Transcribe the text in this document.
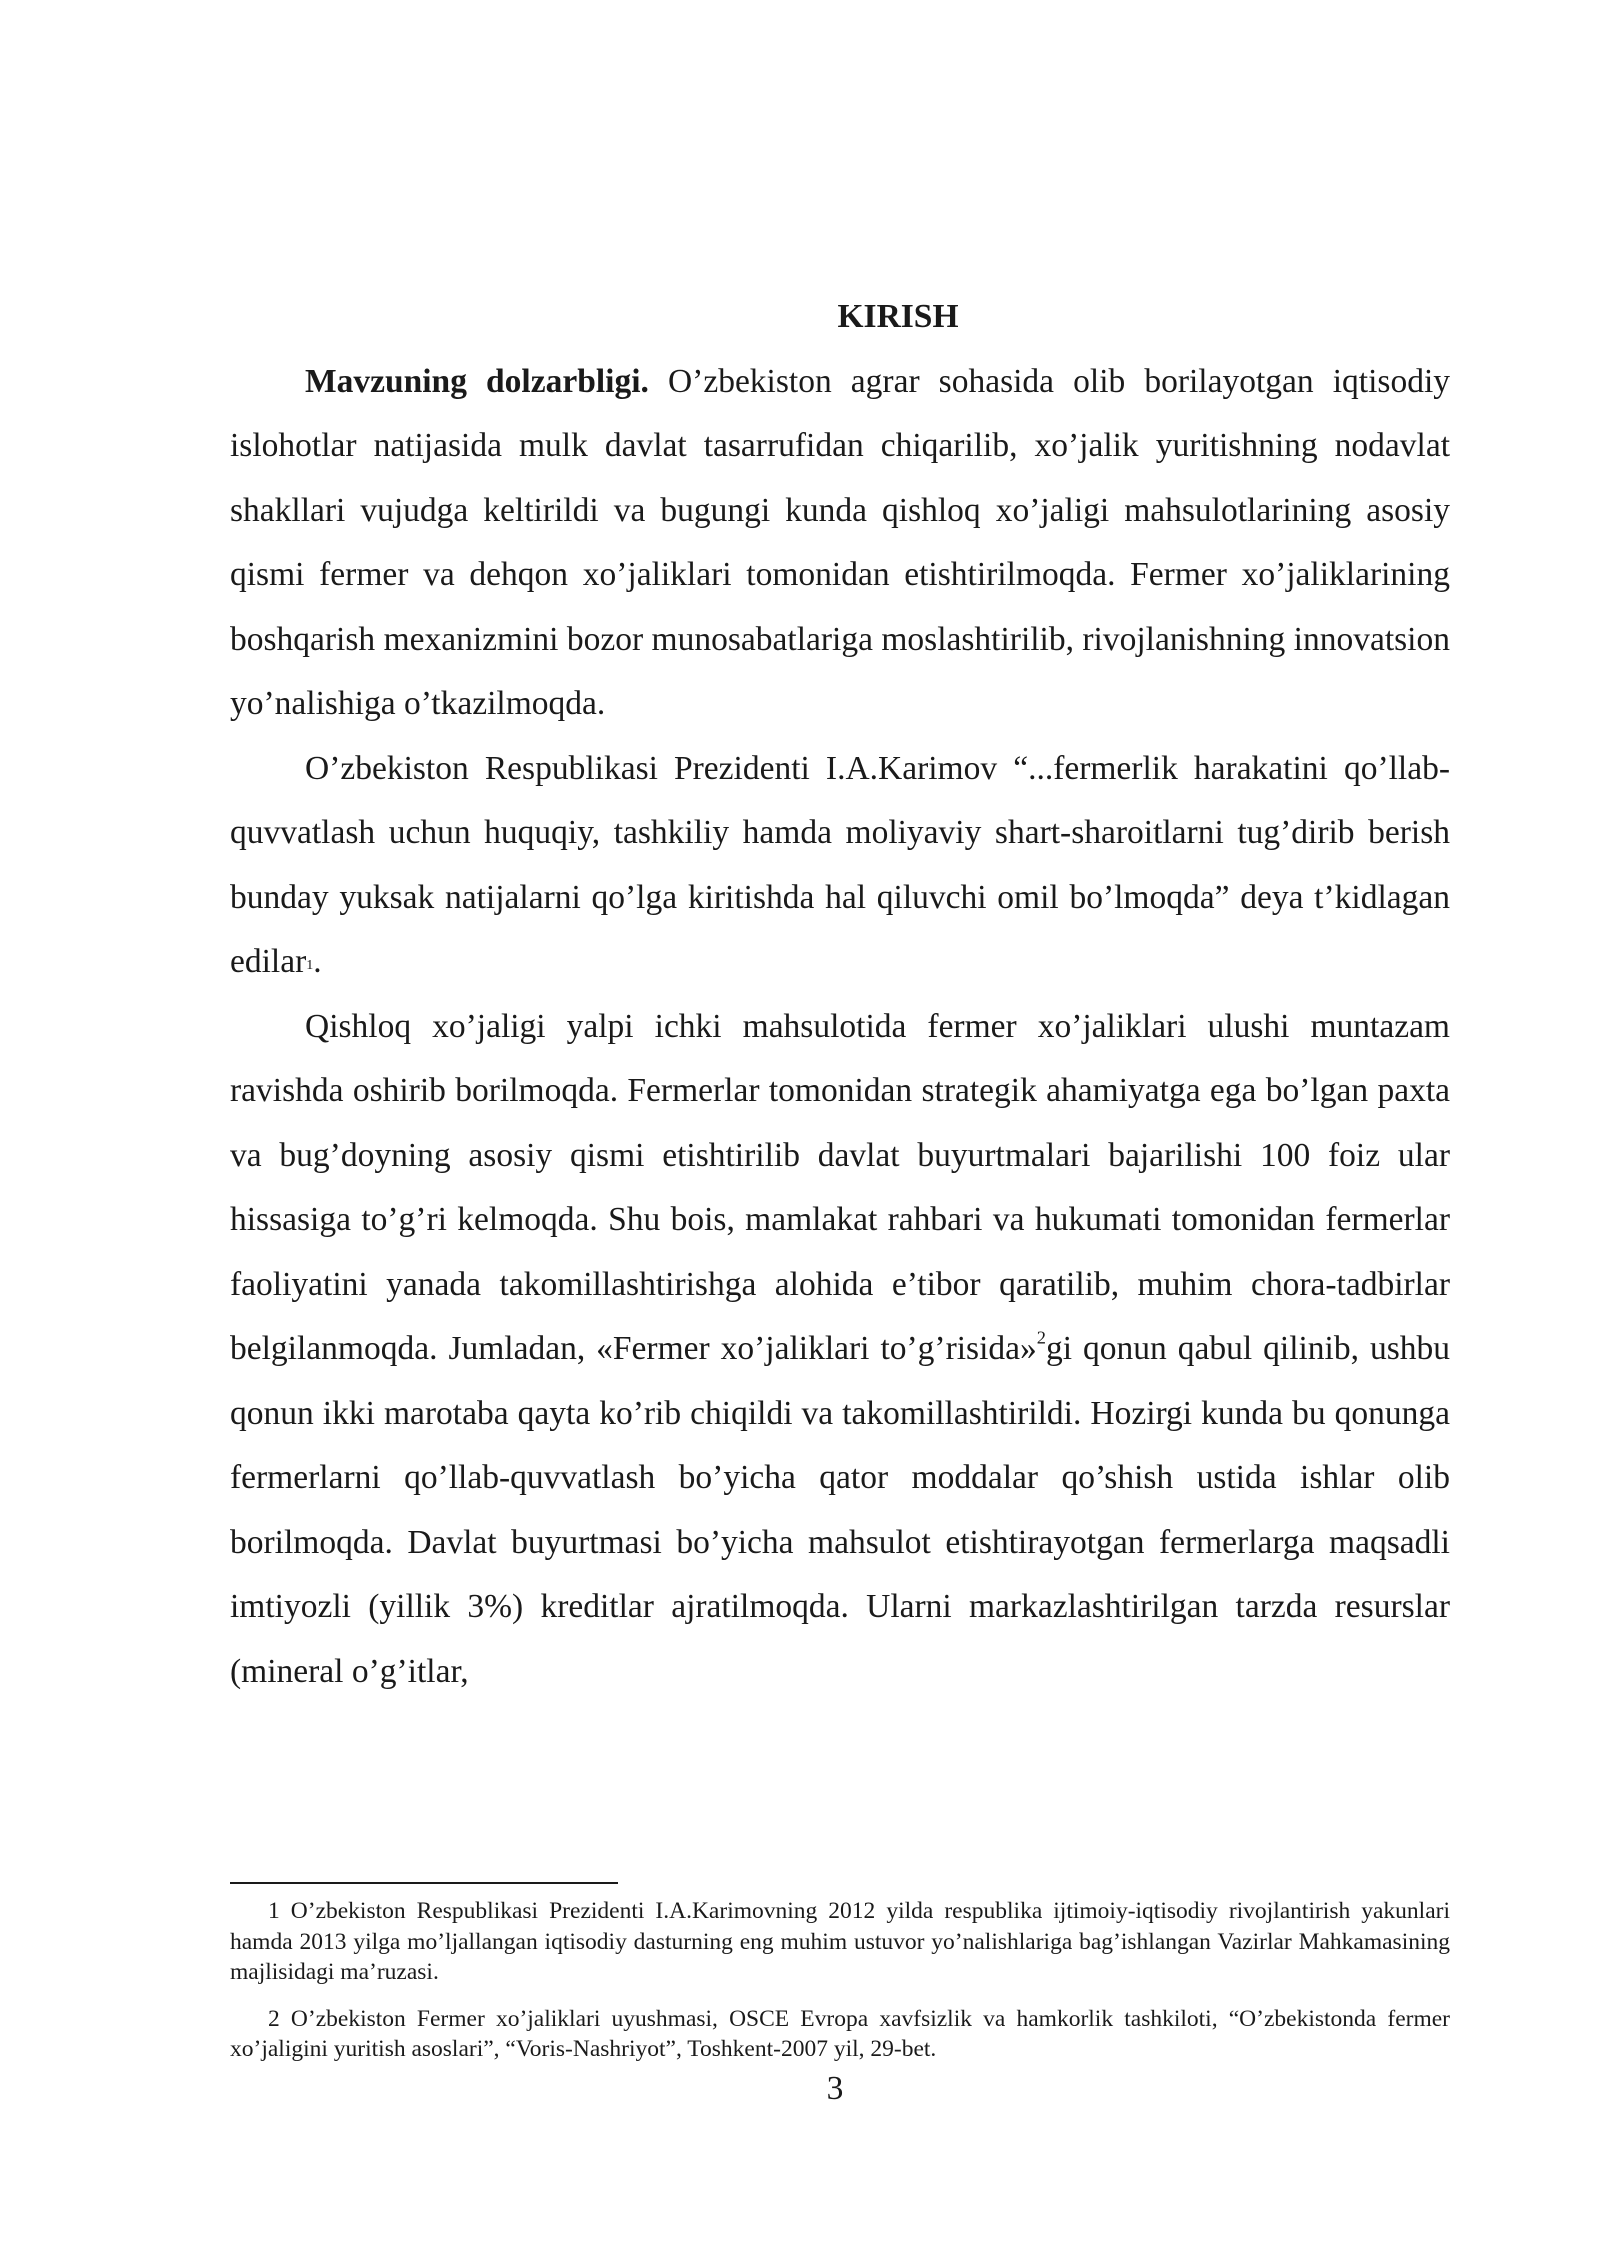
KIRISH

Mavzuning dolzarbligi. O’zbekiston agrar sohasida olib borilayotgan iqtisodiy islohotlar natijasida mulk davlat tasarrufidan chiqarilib, xo’jalik yuritishning nodavlat shakllari vujudga keltirildi va bugungi kunda qishloq xo’jaligi mahsulotlarining asosiy qismi fermer va dehqon xo’jaliklari tomonidan etishtirilmoqda. Fermer xo’jaliklarining boshqarish mexanizmini bozor munosabatlariga moslashtirilib, rivojlanishning innovatsion yo’nalishiga o’tkazilmoqda.

O’zbekiston Respublikasi Prezidenti I.A.Karimov “...fermerlik harakatini qo’llab-quvvatlash uchun huquqiy, tashkiliy hamda moliyaviy shart-sharoitlarni tug’dirib berish bunday yuksak natijalarni qo’lga kiritishda hal qiluvchi omil bo’lmoqda” deya t’kidlagan edilar$^1$.

Qishloq xo’jaligi yalpi ichki mahsulotida fermer xo’jaliklari ulushi muntazam ravishda oshirib borilmoqda. Fermerlar tomonidan strategik ahamiyatga ega bo’lgan paxta va bug’doyning asosiy qismi etishtirilib davlat buyurtmalari bajarilishi 100 foiz ular hissasiga to’g’ri kelmoqda. Shu bois, mamlakat rahbari va hukumati tomonidan fermerlar faoliyatini yanada takomillashtirishga alohida e’tibor qaratilib, muhim chora-tadbirlar belgilanmoqda. Jumladan, «Fermer xo’jaliklari to’g’risida»$^2$gi qonun qabul qilinib, ushbu qonun ikki marotaba qayta ko’rib chiqildi va takomillashtirildi. Hozirgi kunda bu qonunga fermerlarni qo’llab-quvvatlash bo’yicha qator moddalar qo’shish ustida ishlar olib borilmoqda. Davlat buyurtmasi bo’yicha mahsulot etishtirayotgan fermerlarga maqsadli imtiyozli (yillik 3%) kreditlar ajratilmoqda. Ularni markazlashtirilgan tarzda resurslar (mineral o’g’itlar,

1 O’zbekiston Respublikasi Prezidenti I.A.Karimovning 2012 yilda respublika ijtimoiy-iqtisodiy rivojlantirish yakunlari hamda 2013 yilga mo’ljallangan iqtisodiy dasturning eng muhim ustuvor yo’nalishlariga bag’ishlangan Vazirlar Mahkamasining majlisidagi ma’ruzasi.

2 O’zbekiston Fermer xo’jaliklari uyushmasi, OSCE Evropa xavfsizlik va hamkorlik tashkiloti, “O’zbekistonda fermer xo’jaligini yuritish asoslari”, “Voris-Nashriyot”, Toshkent-2007 yil, 29-bet.

3
